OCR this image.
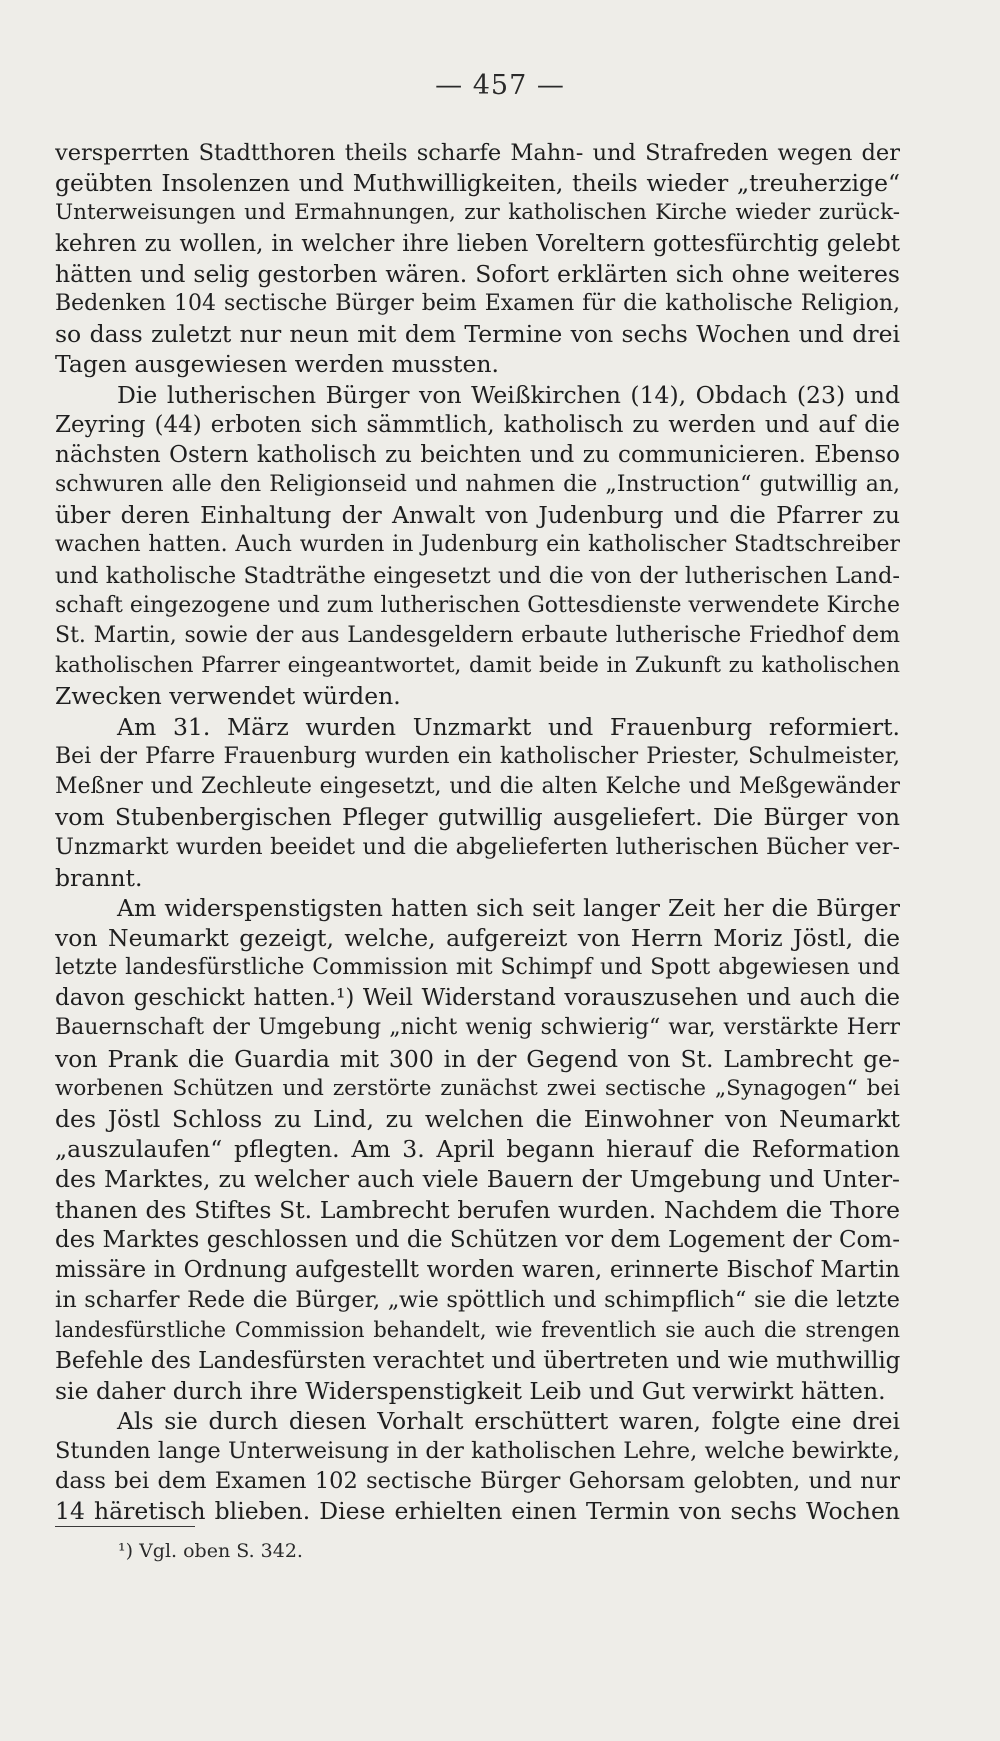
— 457 —
versperrten Stadtthoren theils scharfe Mahn- und Strafreden wegen der
geübten Insolenzen und Muthwilligkeiten, theils wieder „treuherzige“
Unterweisungen und Ermahnungen, zur katholischen Kirche wieder zurück-
kehren zu wollen, in welcher ihre lieben Voreltern gottesfürchtig gelebt
hätten und selig gestorben wären. Sofort erklärten sich ohne weiteres
Bedenken 104 sectische Bürger beim Examen für die katholische Religion,
so dass zuletzt nur neun mit dem Termine von sechs Wochen und drei
Tagen ausgewiesen werden mussten.
Die lutherischen Bürger von Weißkirchen (14), Obdach (23) und
Zeyring (44) erboten sich sämmtlich, katholisch zu werden und auf die
nächsten Ostern katholisch zu beichten und zu communicieren. Ebenso
schwuren alle den Religionseid und nahmen die „Instruction“ gutwillig an,
über deren Einhaltung der Anwalt von Judenburg und die Pfarrer zu
wachen hatten. Auch wurden in Judenburg ein katholischer Stadtschreiber
und katholische Stadträthe eingesetzt und die von der lutherischen Land-
schaft eingezogene und zum lutherischen Gottesdienste verwendete Kirche
St. Martin, sowie der aus Landesgeldern erbaute lutherische Friedhof dem
katholischen Pfarrer eingeantwortet, damit beide in Zukunft zu katholischen
Zwecken verwendet würden.
Am 31. März wurden Unzmarkt und Frauenburg reformiert.
Bei der Pfarre Frauenburg wurden ein katholischer Priester, Schulmeister,
Meßner und Zechleute eingesetzt, und die alten Kelche und Meßgewänder
vom Stubenbergischen Pfleger gutwillig ausgeliefert. Die Bürger von
Unzmarkt wurden beeidet und die abgelieferten lutherischen Bücher ver-
brannt.
Am widerspenstigsten hatten sich seit langer Zeit her die Bürger
von Neumarkt gezeigt, welche, aufgereizt von Herrn Moriz Jöstl, die
letzte landesfürstliche Commission mit Schimpf und Spott abgewiesen und
davon geschickt hatten.¹) Weil Widerstand vorauszusehen und auch die
Bauernschaft der Umgebung „nicht wenig schwierig“ war, verstärkte Herr
von Prank die Guardia mit 300 in der Gegend von St. Lambrecht ge-
worbenen Schützen und zerstörte zunächst zwei sectische „Synagogen“ bei
des Jöstl Schloss zu Lind, zu welchen die Einwohner von Neumarkt
„auszulaufen“ pflegten. Am 3. April begann hierauf die Reformation
des Marktes, zu welcher auch viele Bauern der Umgebung und Unter-
thanen des Stiftes St. Lambrecht berufen wurden. Nachdem die Thore
des Marktes geschlossen und die Schützen vor dem Logement der Com-
missäre in Ordnung aufgestellt worden waren, erinnerte Bischof Martin
in scharfer Rede die Bürger, „wie spöttlich und schimpflich“ sie die letzte
landesfürstliche Commission behandelt, wie freventlich sie auch die strengen
Befehle des Landesfürsten verachtet und übertreten und wie muthwillig
sie daher durch ihre Widerspenstigkeit Leib und Gut verwirkt hätten.
Als sie durch diesen Vorhalt erschüttert waren, folgte eine drei
Stunden lange Unterweisung in der katholischen Lehre, welche bewirkte,
dass bei dem Examen 102 sectische Bürger Gehorsam gelobten, und nur
14 häretisch blieben. Diese erhielten einen Termin von sechs Wochen
¹) Vgl. oben S. 342.
